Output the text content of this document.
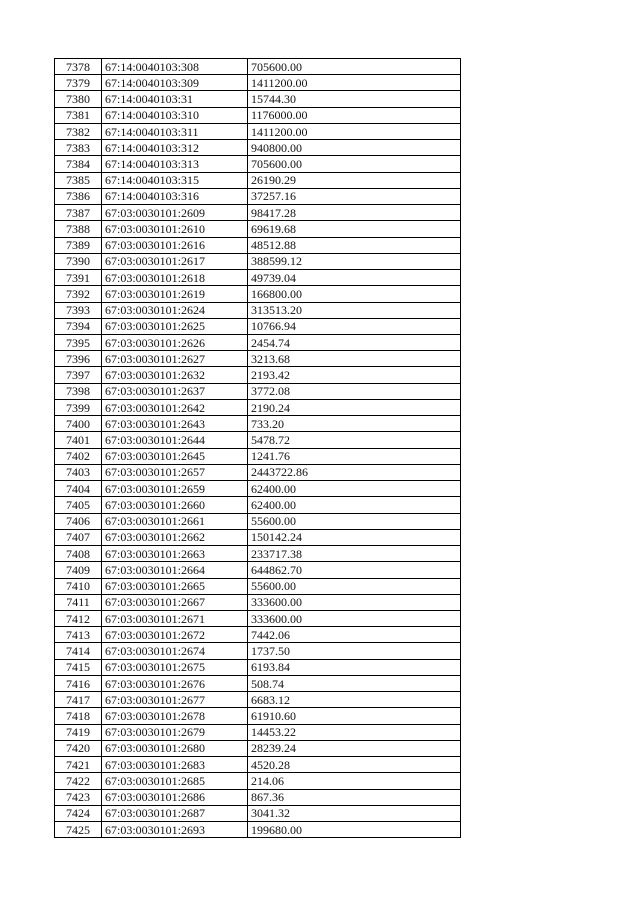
7378	67:14:0040103:308	705600.00
7379	67:14:0040103:309	1411200.00
7380	67:14:0040103:31	15744.30
7381	67:14:0040103:310	1176000.00
7382	67:14:0040103:311	1411200.00
7383	67:14:0040103:312	940800.00
7384	67:14:0040103:313	705600.00
7385	67:14:0040103:315	26190.29
7386	67:14:0040103:316	37257.16
7387	67:03:0030101:2609	98417.28
7388	67:03:0030101:2610	69619.68
7389	67:03:0030101:2616	48512.88
7390	67:03:0030101:2617	388599.12
7391	67:03:0030101:2618	49739.04
7392	67:03:0030101:2619	166800.00
7393	67:03:0030101:2624	313513.20
7394	67:03:0030101:2625	10766.94
7395	67:03:0030101:2626	2454.74
7396	67:03:0030101:2627	3213.68
7397	67:03:0030101:2632	2193.42
7398	67:03:0030101:2637	3772.08
7399	67:03:0030101:2642	2190.24
7400	67:03:0030101:2643	733.20
7401	67:03:0030101:2644	5478.72
7402	67:03:0030101:2645	1241.76
7403	67:03:0030101:2657	2443722.86
7404	67:03:0030101:2659	62400.00
7405	67:03:0030101:2660	62400.00
7406	67:03:0030101:2661	55600.00
7407	67:03:0030101:2662	150142.24
7408	67:03:0030101:2663	233717.38
7409	67:03:0030101:2664	644862.70
7410	67:03:0030101:2665	55600.00
7411	67:03:0030101:2667	333600.00
7412	67:03:0030101:2671	333600.00
7413	67:03:0030101:2672	7442.06
7414	67:03:0030101:2674	1737.50
7415	67:03:0030101:2675	6193.84
7416	67:03:0030101:2676	508.74
7417	67:03:0030101:2677	6683.12
7418	67:03:0030101:2678	61910.60
7419	67:03:0030101:2679	14453.22
7420	67:03:0030101:2680	28239.24
7421	67:03:0030101:2683	4520.28
7422	67:03:0030101:2685	214.06
7423	67:03:0030101:2686	867.36
7424	67:03:0030101:2687	3041.32
7425	67:03:0030101:2693	199680.00
